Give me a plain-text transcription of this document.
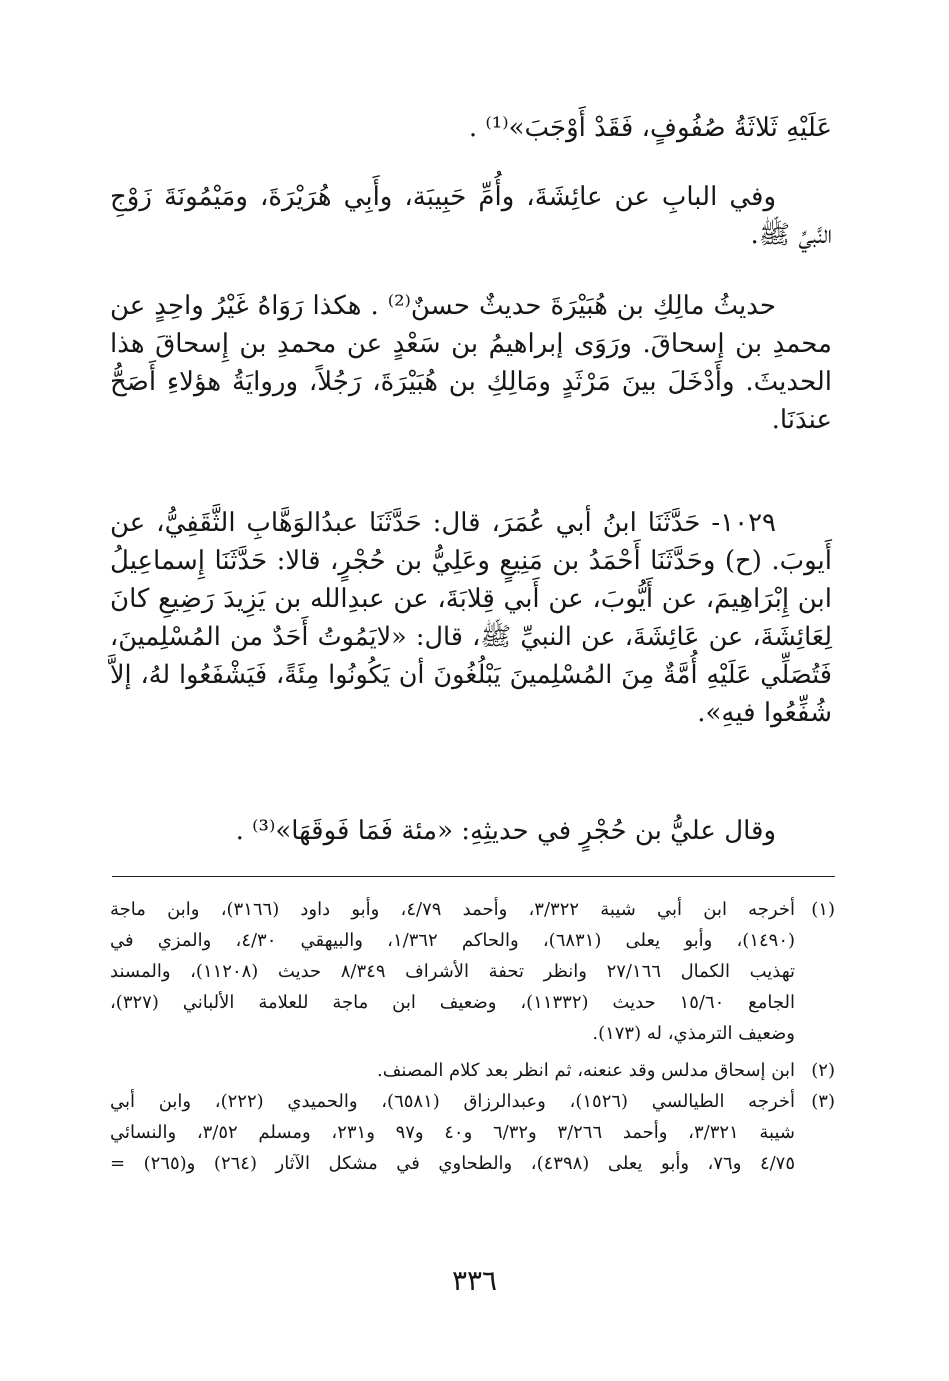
عَلَيْهِ ثَلاثَةُ صُفُوفٍ، فَقَدْ أَوْجَبَ»⁽¹⁾ .
وفي البابِ عن عائِشَةَ، وأُمِّ حَبِيبَة، وأَبِي هُرَيْرَةَ، ومَيْمُونَةَ زَوْجِ
النَّبيِّ ﷺ.
حديثُ مالِكِ بن هُبَيْرَةَ حديثٌ حسنٌ⁽²⁾ . هكذا رَوَاهُ غَيْرُ واحِدٍ عن
محمدِ بن إسحاقَ. ورَوَى إبراهيمُ بن سَعْدٍ عن محمدِ بن إِسحاقَ هذا
الحديثَ. وأَدْخَلَ بينَ مَرْثَدٍ ومَالِكِ بن هُبَيْرَةَ، رَجُلاً، وروايَةُ هؤلاءِ أَصَحُّ
عندَنَا.
١٠٢٩- حَدَّثَنَا ابنُ أبي عُمَرَ، قال: حَدَّثَنَا عبدُالوَهَّابِ الثَّقَفِيُّ، عن
أَيوبَ. (ح) وحَدَّثَنَا أَحْمَدُ بن مَنِيعٍ وعَلِيُّ بن حُجْرٍ، قالا: حَدَّثَنَا إِسماعِيلُ
ابن إِبْرَاهِيمَ، عن أَيُّوبَ، عن أَبي قِلابَةَ، عن عبدِالله بن يَزِيدَ رَضِيعِ كانَ
لِعَائِشَةَ، عن عَائِشَةَ، عن النبيِّ ﷺ، قال: «لايَمُوتُ أَحَدٌ من المُسْلِمينَ،
فَتُصَلِّي عَلَيْهِ أُمَّةٌ مِنَ المُسْلِمينَ يَبْلُغُونَ أن يَكُونُوا مِئَةً، فَيَشْفَعُوا لهُ، إلاَّ
شُفِّعُوا فيهِ».
وقال عليُّ بن حُجْرٍ في حديثِهِ: «مئة فَمَا فَوقَهَا»⁽³⁾ .
(١)
أخرجه ابن أبي شيبة ٣/٣٢٢، وأحمد ٤/٧٩، وأبو داود (٣١٦٦)، وابن ماجة
(١٤٩٠)، وأبو يعلى (٦٨٣١)، والحاكم ١/٣٦٢، والبيهقي ٤/٣٠، والمزي في
تهذيب الكمال ٢٧/١٦٦ وانظر تحفة الأشراف ٨/٣٤٩ حديث (١١٢٠٨)، والمسند
الجامع ١٥/٦٠ حديث (١١٣٣٢)، وضعيف ابن ماجة للعلامة الألباني (٣٢٧)،
وضعيف الترمذي، له (١٧٣).
(٢)
ابن إسحاق مدلس وقد عنعنه، ثم انظر بعد كلام المصنف.
(٣)
أخرجه الطيالسي (١٥٢٦)، وعبدالرزاق (٦٥٨١)، والحميدي (٢٢٢)، وابن أبي
شيبة ٣/٣٢١، وأحمد ٣/٢٦٦ و٦/٣٢ و٤٠ و٩٧ و٢٣١، ومسلم ٣/٥٢، والنسائي
٤/٧٥ و٧٦، وأبو يعلى (٤٣٩٨)، والطحاوي في مشكل الآثار (٢٦٤) و(٢٦٥) =
٣٣٦
